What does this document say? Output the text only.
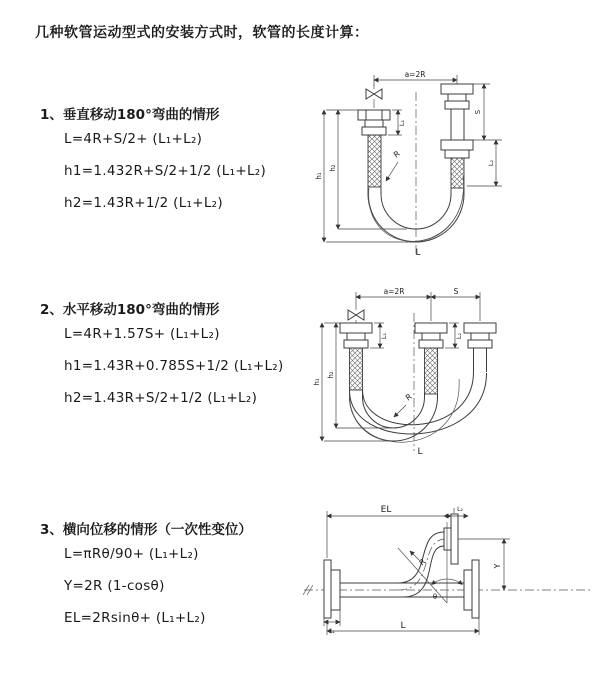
几种软管运动型式的安装方式时，软管的长度计算：
1、垂直移动180°弯曲的情形
L=4R+S/2+ (L₁+L₂)
h1=1.432R+S/2+1/2 (L₁+L₂)
h2=1.43R+1/2 (L₁+L₂)
a=2R
R
S
L₂
L₁
h₁
h₂
L
2、水平移动180°弯曲的情形
L=4R+1.57S+ (L₁+L₂)
h1=1.43R+0.785S+1/2 (L₁+L₂)
h2=1.43R+S/2+1/2 (L₁+L₂)
a=2R	S
R
L₁	L₂
h₁
h₂
L
3、横向位移的情形（一次性变位）
L=πRθ/90+ (L₁+L₂)
Y=2R (1-cosθ)
EL=2Rsinθ+ (L₁+L₂)
θ
R
EL	L₂
Y
L₁
L
